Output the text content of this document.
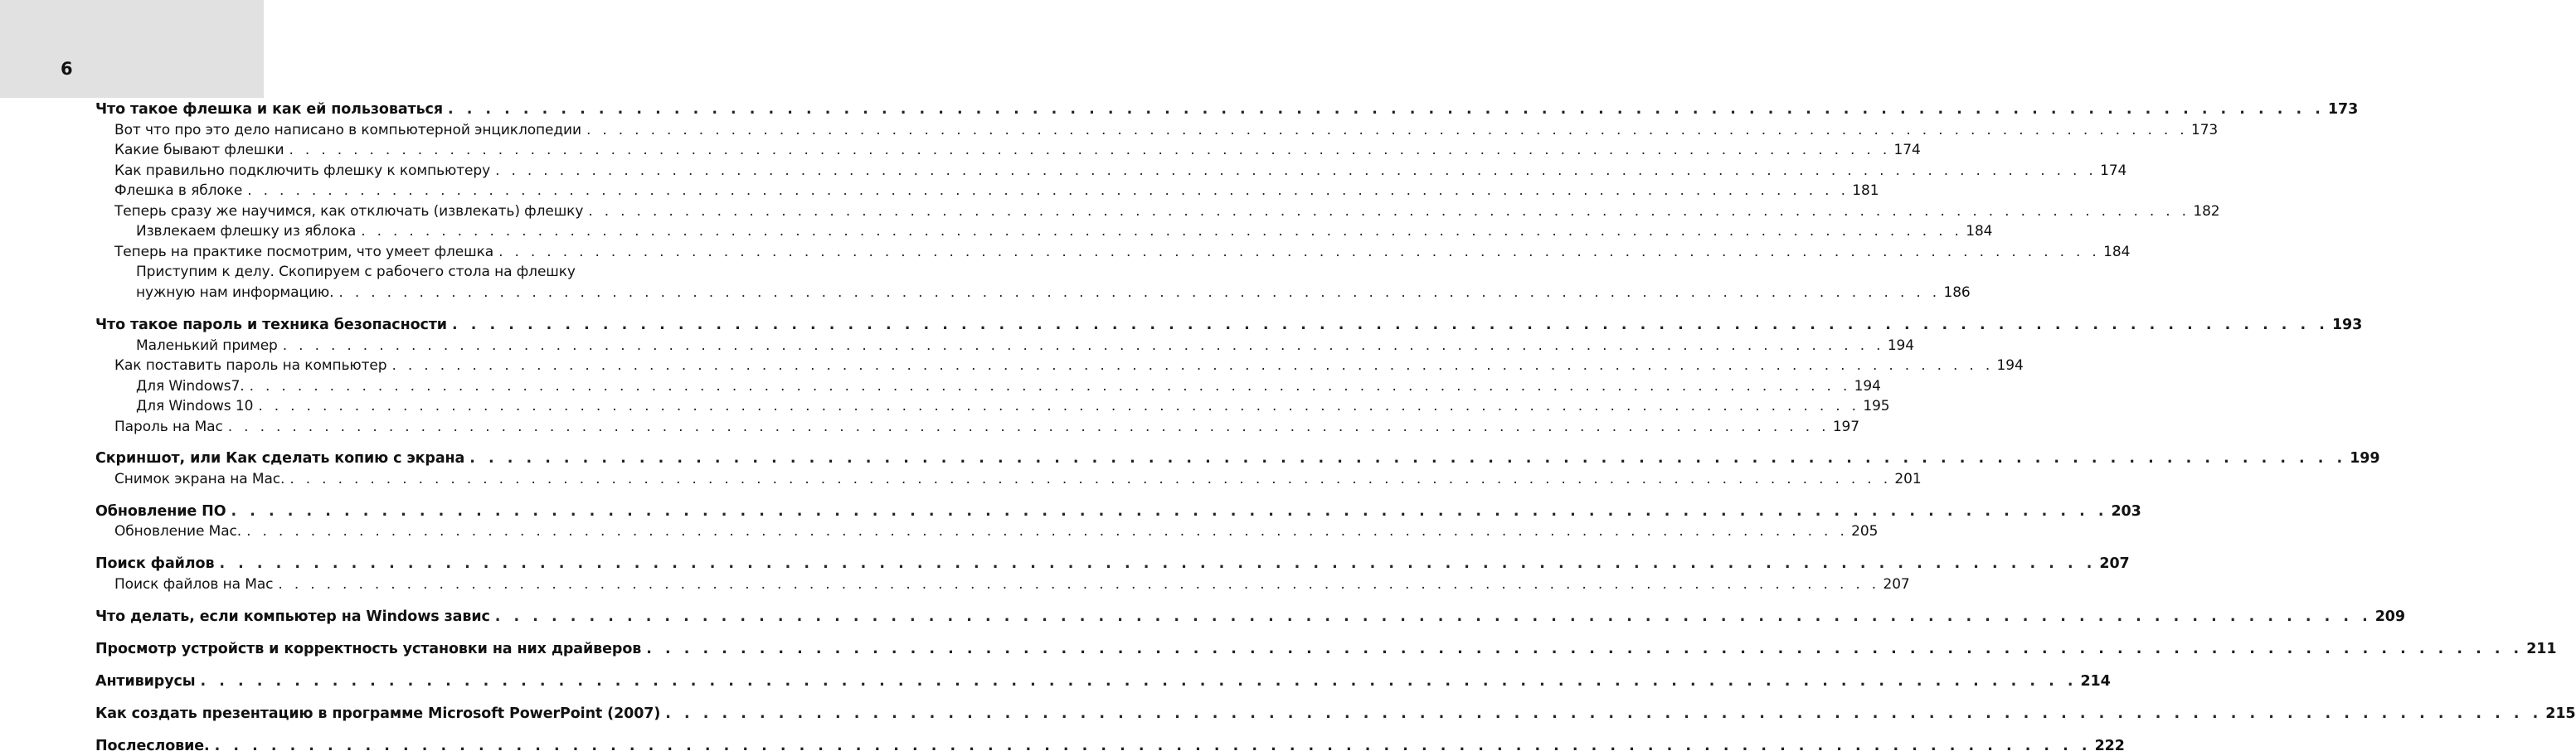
6
Что такое флешка и как ей пользоваться . . . . . . . . . . . . . . . . . . . . . . . . . . . . . . . . . . . . . . . . . . . . . . . . . . . . . . . . . . . . . . . . . . . . . . . . . . . . . . . . . . . . . . . . . . . . . . . . . . . . 173
Вот что про это дело написано в компьютерной энциклопедии . . . . . . . . . . . . . . . . . . . . . . . . . . . . . . . . . . . . . . . . . . . . . . . . . . . . . . . . . . . . . . . . . . . . . . . . . . . . . . . . . . . . . . . . . . . . . . . . . . . . 173
Какие бывают флешки . . . . . . . . . . . . . . . . . . . . . . . . . . . . . . . . . . . . . . . . . . . . . . . . . . . . . . . . . . . . . . . . . . . . . . . . . . . . . . . . . . . . . . . . . . . . . . . . . . . . 174
Как правильно подключить флешку к компьютеру . . . . . . . . . . . . . . . . . . . . . . . . . . . . . . . . . . . . . . . . . . . . . . . . . . . . . . . . . . . . . . . . . . . . . . . . . . . . . . . . . . . . . . . . . . . . . . . . . . . . 174
Флешка в яблоке . . . . . . . . . . . . . . . . . . . . . . . . . . . . . . . . . . . . . . . . . . . . . . . . . . . . . . . . . . . . . . . . . . . . . . . . . . . . . . . . . . . . . . . . . . . . . . . . . . . . 181
Теперь сразу же научимся, как отключать (извлекать) флешку . . . . . . . . . . . . . . . . . . . . . . . . . . . . . . . . . . . . . . . . . . . . . . . . . . . . . . . . . . . . . . . . . . . . . . . . . . . . . . . . . . . . . . . . . . . . . . . . . . . . 182
Извлекаем флешку из яблока . . . . . . . . . . . . . . . . . . . . . . . . . . . . . . . . . . . . . . . . . . . . . . . . . . . . . . . . . . . . . . . . . . . . . . . . . . . . . . . . . . . . . . . . . . . . . . . . . . . . 184
Теперь на практике посмотрим, что умеет флешка . . . . . . . . . . . . . . . . . . . . . . . . . . . . . . . . . . . . . . . . . . . . . . . . . . . . . . . . . . . . . . . . . . . . . . . . . . . . . . . . . . . . . . . . . . . . . . . . . . . . 184
Приступим к делу. Скопируем с рабочего стола на флешку
нужную нам информацию. . . . . . . . . . . . . . . . . . . . . . . . . . . . . . . . . . . . . . . . . . . . . . . . . . . . . . . . . . . . . . . . . . . . . . . . . . . . . . . . . . . . . . . . . . . . . . . . . . . . . 186
Что такое пароль и техника безопасности . . . . . . . . . . . . . . . . . . . . . . . . . . . . . . . . . . . . . . . . . . . . . . . . . . . . . . . . . . . . . . . . . . . . . . . . . . . . . . . . . . . . . . . . . . . . . . . . . . . . 193
Маленький пример . . . . . . . . . . . . . . . . . . . . . . . . . . . . . . . . . . . . . . . . . . . . . . . . . . . . . . . . . . . . . . . . . . . . . . . . . . . . . . . . . . . . . . . . . . . . . . . . . . . . 194
Как поставить пароль на компьютер . . . . . . . . . . . . . . . . . . . . . . . . . . . . . . . . . . . . . . . . . . . . . . . . . . . . . . . . . . . . . . . . . . . . . . . . . . . . . . . . . . . . . . . . . . . . . . . . . . . . 194
Для Windows7. . . . . . . . . . . . . . . . . . . . . . . . . . . . . . . . . . . . . . . . . . . . . . . . . . . . . . . . . . . . . . . . . . . . . . . . . . . . . . . . . . . . . . . . . . . . . . . . . . . . . 194
Для Windows 10 . . . . . . . . . . . . . . . . . . . . . . . . . . . . . . . . . . . . . . . . . . . . . . . . . . . . . . . . . . . . . . . . . . . . . . . . . . . . . . . . . . . . . . . . . . . . . . . . . . . . 195
Пароль на Mac . . . . . . . . . . . . . . . . . . . . . . . . . . . . . . . . . . . . . . . . . . . . . . . . . . . . . . . . . . . . . . . . . . . . . . . . . . . . . . . . . . . . . . . . . . . . . . . . . . . . 197
Скриншот, или Как сделать копию с экрана . . . . . . . . . . . . . . . . . . . . . . . . . . . . . . . . . . . . . . . . . . . . . . . . . . . . . . . . . . . . . . . . . . . . . . . . . . . . . . . . . . . . . . . . . . . . . . . . . . . . 199
Снимок экрана на Mac. . . . . . . . . . . . . . . . . . . . . . . . . . . . . . . . . . . . . . . . . . . . . . . . . . . . . . . . . . . . . . . . . . . . . . . . . . . . . . . . . . . . . . . . . . . . . . . . . . . . . 201
Обновление ПО . . . . . . . . . . . . . . . . . . . . . . . . . . . . . . . . . . . . . . . . . . . . . . . . . . . . . . . . . . . . . . . . . . . . . . . . . . . . . . . . . . . . . . . . . . . . . . . . . . . . 203
Обновление Mac. . . . . . . . . . . . . . . . . . . . . . . . . . . . . . . . . . . . . . . . . . . . . . . . . . . . . . . . . . . . . . . . . . . . . . . . . . . . . . . . . . . . . . . . . . . . . . . . . . . . . 205
Поиск файлов . . . . . . . . . . . . . . . . . . . . . . . . . . . . . . . . . . . . . . . . . . . . . . . . . . . . . . . . . . . . . . . . . . . . . . . . . . . . . . . . . . . . . . . . . . . . . . . . . . . . 207
Поиск файлов на Mac . . . . . . . . . . . . . . . . . . . . . . . . . . . . . . . . . . . . . . . . . . . . . . . . . . . . . . . . . . . . . . . . . . . . . . . . . . . . . . . . . . . . . . . . . . . . . . . . . . . . 207
Что делать, если компьютер на Windows завис . . . . . . . . . . . . . . . . . . . . . . . . . . . . . . . . . . . . . . . . . . . . . . . . . . . . . . . . . . . . . . . . . . . . . . . . . . . . . . . . . . . . . . . . . . . . . . . . . . . . 209
Просмотр устройств и корректность установки на них драйверов . . . . . . . . . . . . . . . . . . . . . . . . . . . . . . . . . . . . . . . . . . . . . . . . . . . . . . . . . . . . . . . . . . . . . . . . . . . . . . . . . . . . . . . . . . . . . . . . . . . . 211
Антивирусы . . . . . . . . . . . . . . . . . . . . . . . . . . . . . . . . . . . . . . . . . . . . . . . . . . . . . . . . . . . . . . . . . . . . . . . . . . . . . . . . . . . . . . . . . . . . . . . . . . . . 214
Как создать презентацию в программе Microsoft PowerPoint (2007) . . . . . . . . . . . . . . . . . . . . . . . . . . . . . . . . . . . . . . . . . . . . . . . . . . . . . . . . . . . . . . . . . . . . . . . . . . . . . . . . . . . . . . . . . . . . . . . . . . . . 215
Послесловие. . . . . . . . . . . . . . . . . . . . . . . . . . . . . . . . . . . . . . . . . . . . . . . . . . . . . . . . . . . . . . . . . . . . . . . . . . . . . . . . . . . . . . . . . . . . . . . . . . . . . 222
